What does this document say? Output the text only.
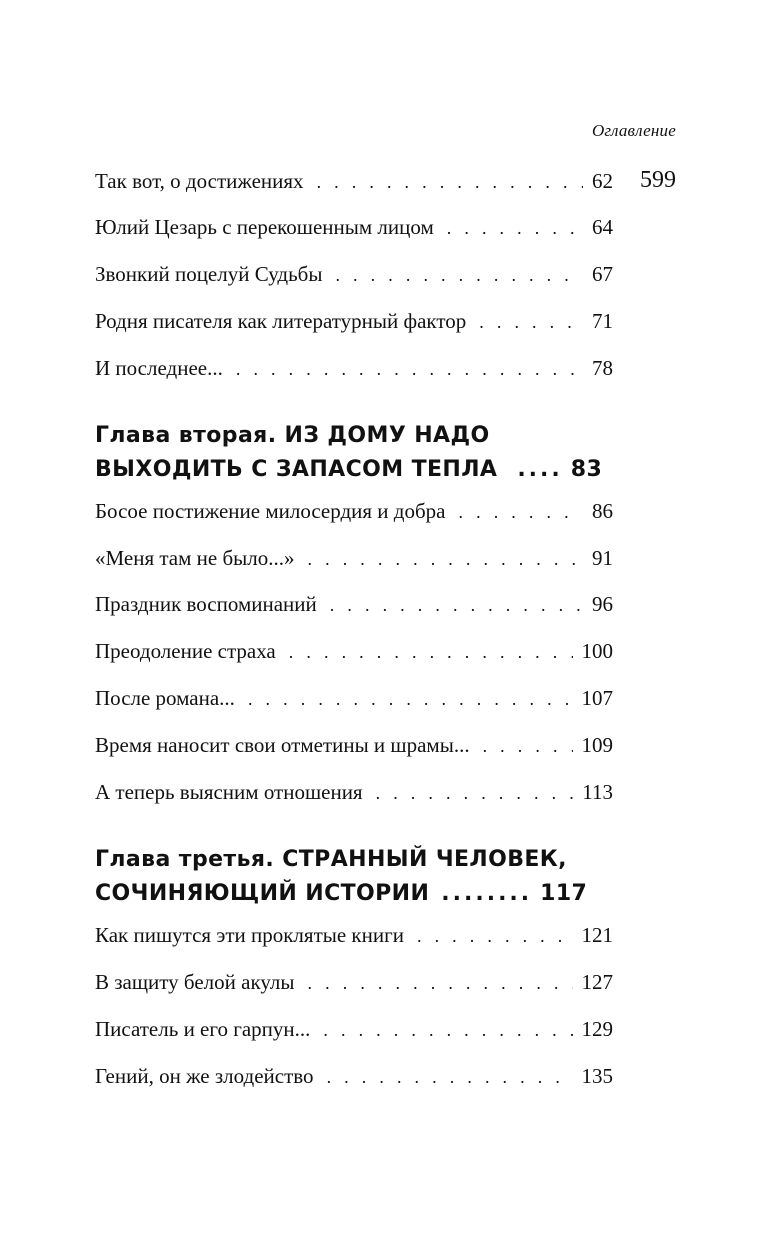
Оглавление
599
Так вот, о достижениях . . .	62
Юлий Цезарь с перекошенным лицом . . .	64
Звонкий поцелуй Судьбы . . .	67
Родня писателя как литературный фактор . . .	71
И последнее... . . .	78
Глава вторая. ИЗ ДОМУ НАДО
ВЫХОДИТЬ С ЗАПАСОМ ТЕПЛА ....	83
Босое постижение милосердия и добра . . .	86
«Меня там не было...» . . .	91
Праздник воспоминаний . . .	96
Преодоление страха . . .	100
После романа... . . .	107
Время наносит свои отметины и шрамы... . . .	109
А теперь выясним отношения . . .	113
Глава третья. СТРАННЫЙ ЧЕЛОВЕК,
СОЧИНЯЮЩИЙ ИСТОРИИ ........	117
Как пишутся эти проклятые книги . . .	121
В защиту белой акулы . . .	127
Писатель и его гарпун... . . .	129
Гений, он же злодейство . . .	135
